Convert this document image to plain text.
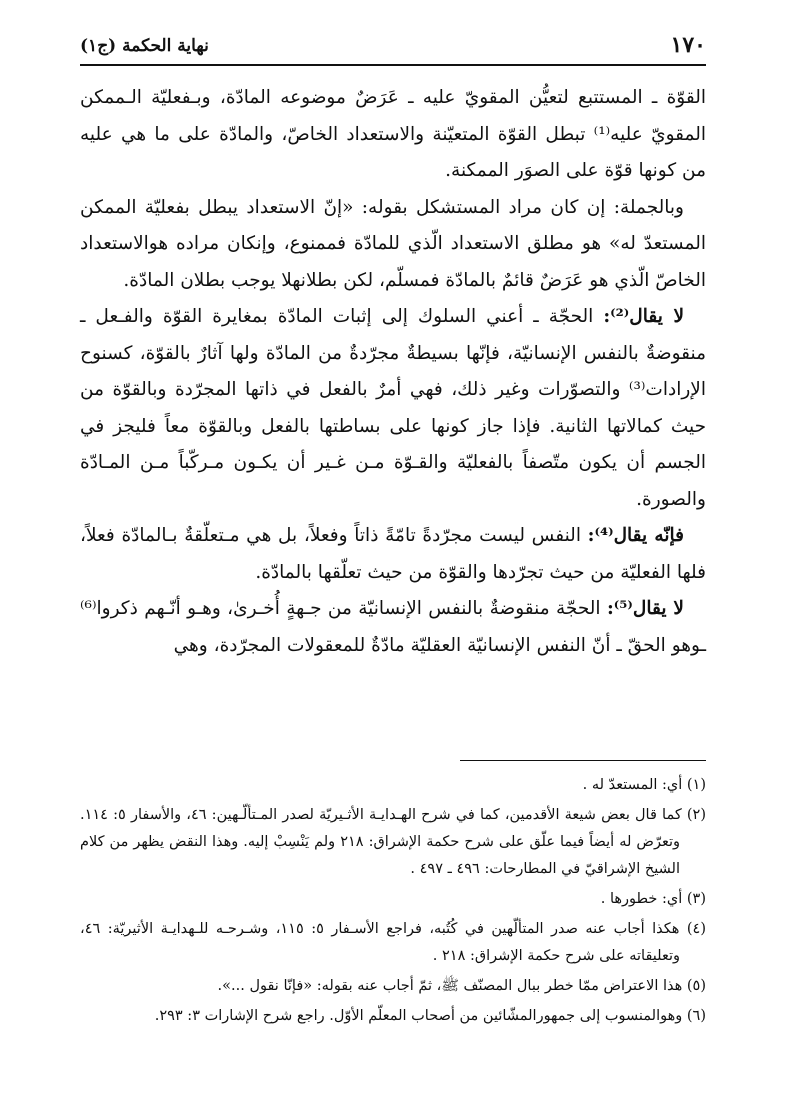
١٧٠
نهاية الحكمة (ج١)

القوّة ـ المستتبع لتعيُّن المقويّ عليه ـ عَرَضٌ موضوعه المادّة، وبـفعليّة الـممكن المقويّ عليه⁽¹⁾ تبطل القوّة المتعيّنة والاستعداد الخاصّ، والمادّة على ما هي عليه من كونها قوّة على الصوَر الممكنة.

وبالجملة: إن كان مراد المستشكل بقوله: «إنّ الاستعداد يبطل بفعليّة الممكن المستعدّ له» هو مطلق الاستعداد الّذي للمادّة فممنوع، وإنكان مراده هوالاستعداد الخاصّ الّذي هو عَرَضٌ قائمٌ بالمادّة فمسلّم، لكن بطلانهلا يوجب بطلان المادّة.

لا يقال⁽²⁾: الحجّة ـ أعني السلوك إلى إثبات المادّة بمغايرة القوّة والفـعل ـ منقوضةٌ بالنفس الإنسانيّة، فإنّها بسيطةٌ مجرّدةٌ من المادّة ولها آثارٌ بالقوّة، كسنوح الإرادات⁽³⁾ والتصوّرات وغير ذلك، فهي أمرٌ بالفعل في ذاتها المجرّدة وبالقوّة من حيث كمالاتها الثانية. فإذا جاز كونها على بساطتها بالفعل وبالقوّة معاً فليجز في الجسم أن يكون متّصفاً بالفعليّة والقـوّة مـن غـير أن يكـون مـركّباً مـن المـادّة والصورة.

فإنّه يقال⁽⁴⁾: النفس ليست مجرّدةً تامّةً ذاتاً وفعلاً، بل هي مـتعلّقةٌ بـالمادّة فعلاً، فلها الفعليّة من حيث تجرّدها والقوّة من حيث تعلّقها بالمادّة.

لا يقال⁽⁵⁾: الحجّة منقوضةٌ بالنفس الإنسانيّة من جـهةٍ أُخـرىٰ، وهـو أنّـهم ذكروا⁽⁶⁾ ـوهو الحقّ ـ أنّ النفس الإنسانيّة العقليّة مادّةٌ للمعقولات المجرّدة، وهي

(١) أي: المستعدّ له .

(٢) كما قال بعض شيعة الأقدمين، كما في شرح الهـدايـة الأثـيريّة لصدر المـتألّـهين: ٤٦، والأسفار ٥: ١١٤. وتعرّض له أيضاً فيما علّق على شرح حكمة الإشراق: ٢١٨ ولم يَنْسِبْ إليه. وهذا النقض يظهر من كلام الشيخ الإشراقيّ في المطارحات: ٤٩٦ ـ ٤٩٧ .

(٣) أي: خطورها .

(٤) هكذا أجاب عنه صدر المتألّهين في كُتُبه، فراجع الأسـفار ٥: ١١٥، وشـرحـه للـهدايـة الأثيريّة: ٤٦، وتعليقاته على شرح حكمة الإشراق: ٢١٨ .

(٥) هذا الاعتراض ممّا خطر ببال المصنّف ﷺ، ثمّ أجاب عنه بقوله: «فإنّا نقول ...».

(٦) وهوالمنسوب إلى جمهورالمشّائين من أصحاب المعلّم الأوّل. راجع شرح الإشارات ٣: ٢٩٣.
